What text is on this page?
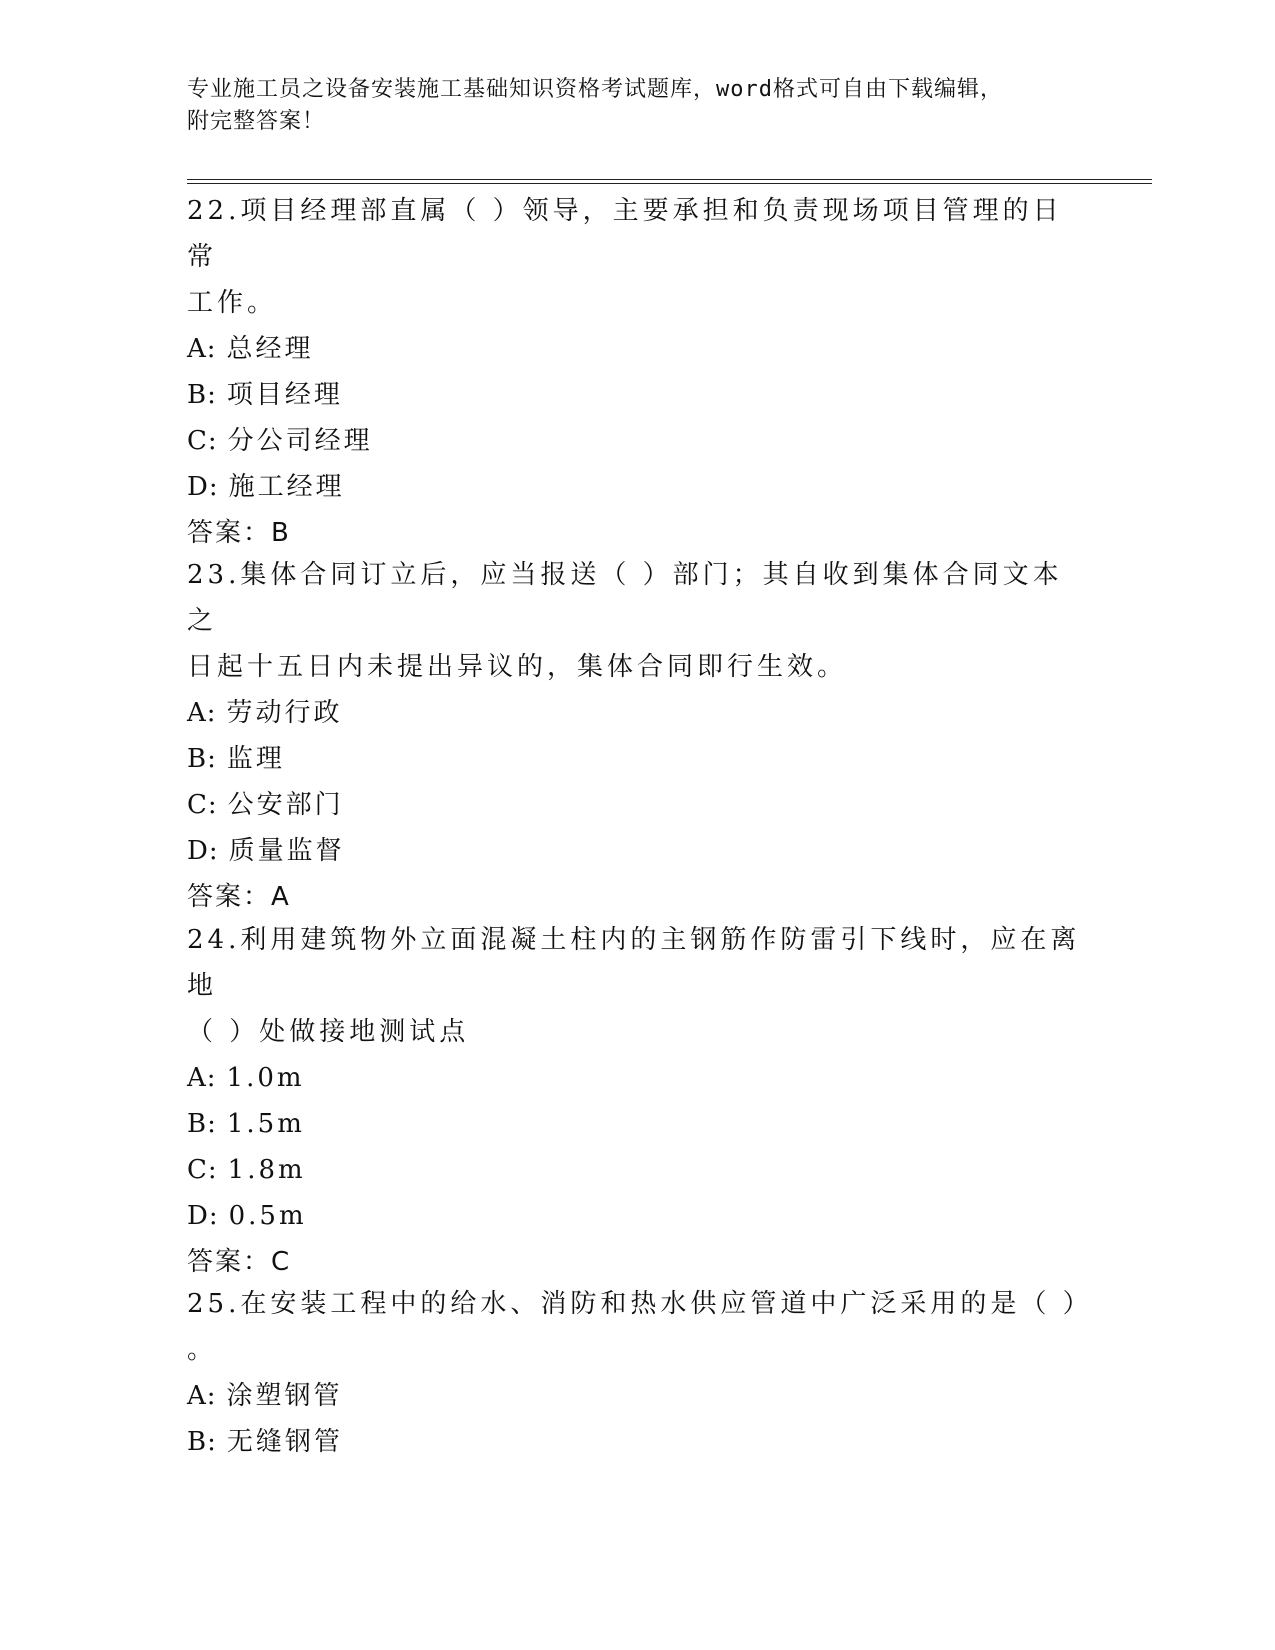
专业施工员之设备安装施工基础知识资格考试题库，word格式可自由下载编辑，
附完整答案！
22.项目经理部直属（ ）领导，主要承担和负责现场项目管理的日常
工作。
A: 总经理
B: 项目经理
C: 分公司经理
D: 施工经理
答案：B
23.集体合同订立后，应当报送（ ）部门；其自收到集体合同文本之
日起十五日内未提出异议的，集体合同即行生效。
A: 劳动行政
B: 监理
C: 公安部门
D: 质量监督
答案：A
24.利用建筑物外立面混凝土柱内的主钢筋作防雷引下线时，应在离地
（ ）处做接地测试点
A: 1.0m
B: 1.5m
C: 1.8m
D: 0.5m
答案：C
25.在安装工程中的给水、消防和热水供应管道中广泛采用的是（ ）
。
A: 涂塑钢管
B: 无缝钢管
